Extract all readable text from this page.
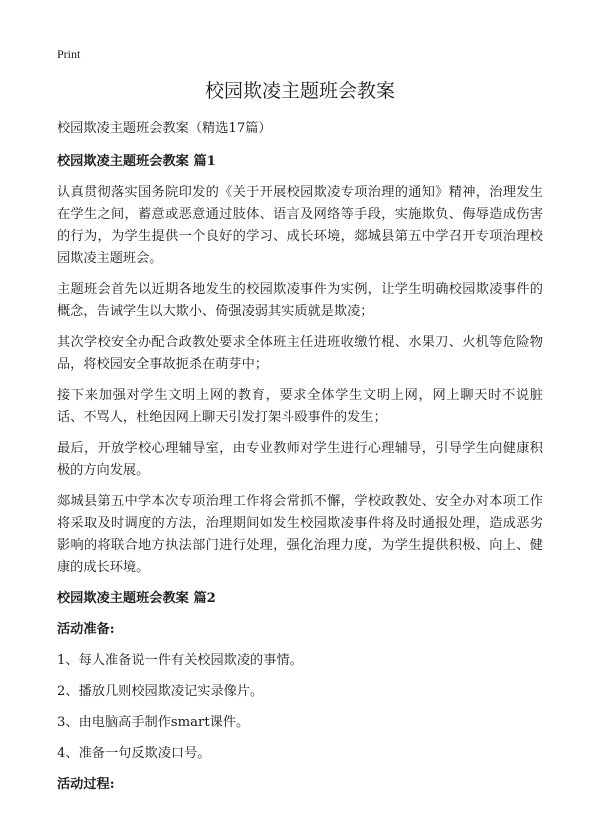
Print

校园欺凌主题班会教案

校园欺凌主题班会教案（精选17篇）

校园欺凌主题班会教案 篇1

认真贯彻落实国务院印发的《关于开展校园欺凌专项治理的通知》精神，治理发生在学生之间，蓄意或恶意通过肢体、语言及网络等手段，实施欺负、侮辱造成伤害的行为，为学生提供一个良好的学习、成长环境，郯城县第五中学召开专项治理校园欺凌主题班会。

主题班会首先以近期各地发生的校园欺凌事件为实例，让学生明确校园欺凌事件的概念，告诫学生以大欺小、倚强凌弱其实质就是欺凌；

其次学校安全办配合政教处要求全体班主任进班收缴竹棍、水果刀、火机等危险物品，将校园安全事故扼杀在萌芽中；

接下来加强对学生文明上网的教育，要求全体学生文明上网，网上聊天时不说脏话、不骂人，杜绝因网上聊天引发打架斗殴事件的发生；

最后，开放学校心理辅导室，由专业教师对学生进行心理辅导，引导学生向健康积极的方向发展。

郯城县第五中学本次专项治理工作将会常抓不懈，学校政教处、安全办对本项工作将采取及时调度的方法，治理期间如发生校园欺凌事件将及时通报处理，造成恶劣影响的将联合地方执法部门进行处理，强化治理力度，为学生提供积极、向上、健康的成长环境。

校园欺凌主题班会教案 篇2

活动准备:

1、每人准备说一件有关校园欺凌的事情。

2、播放几则校园欺凌记实录像片。

3、由电脑高手制作smart课件。

4、准备一句反欺凌口号。

活动过程:
